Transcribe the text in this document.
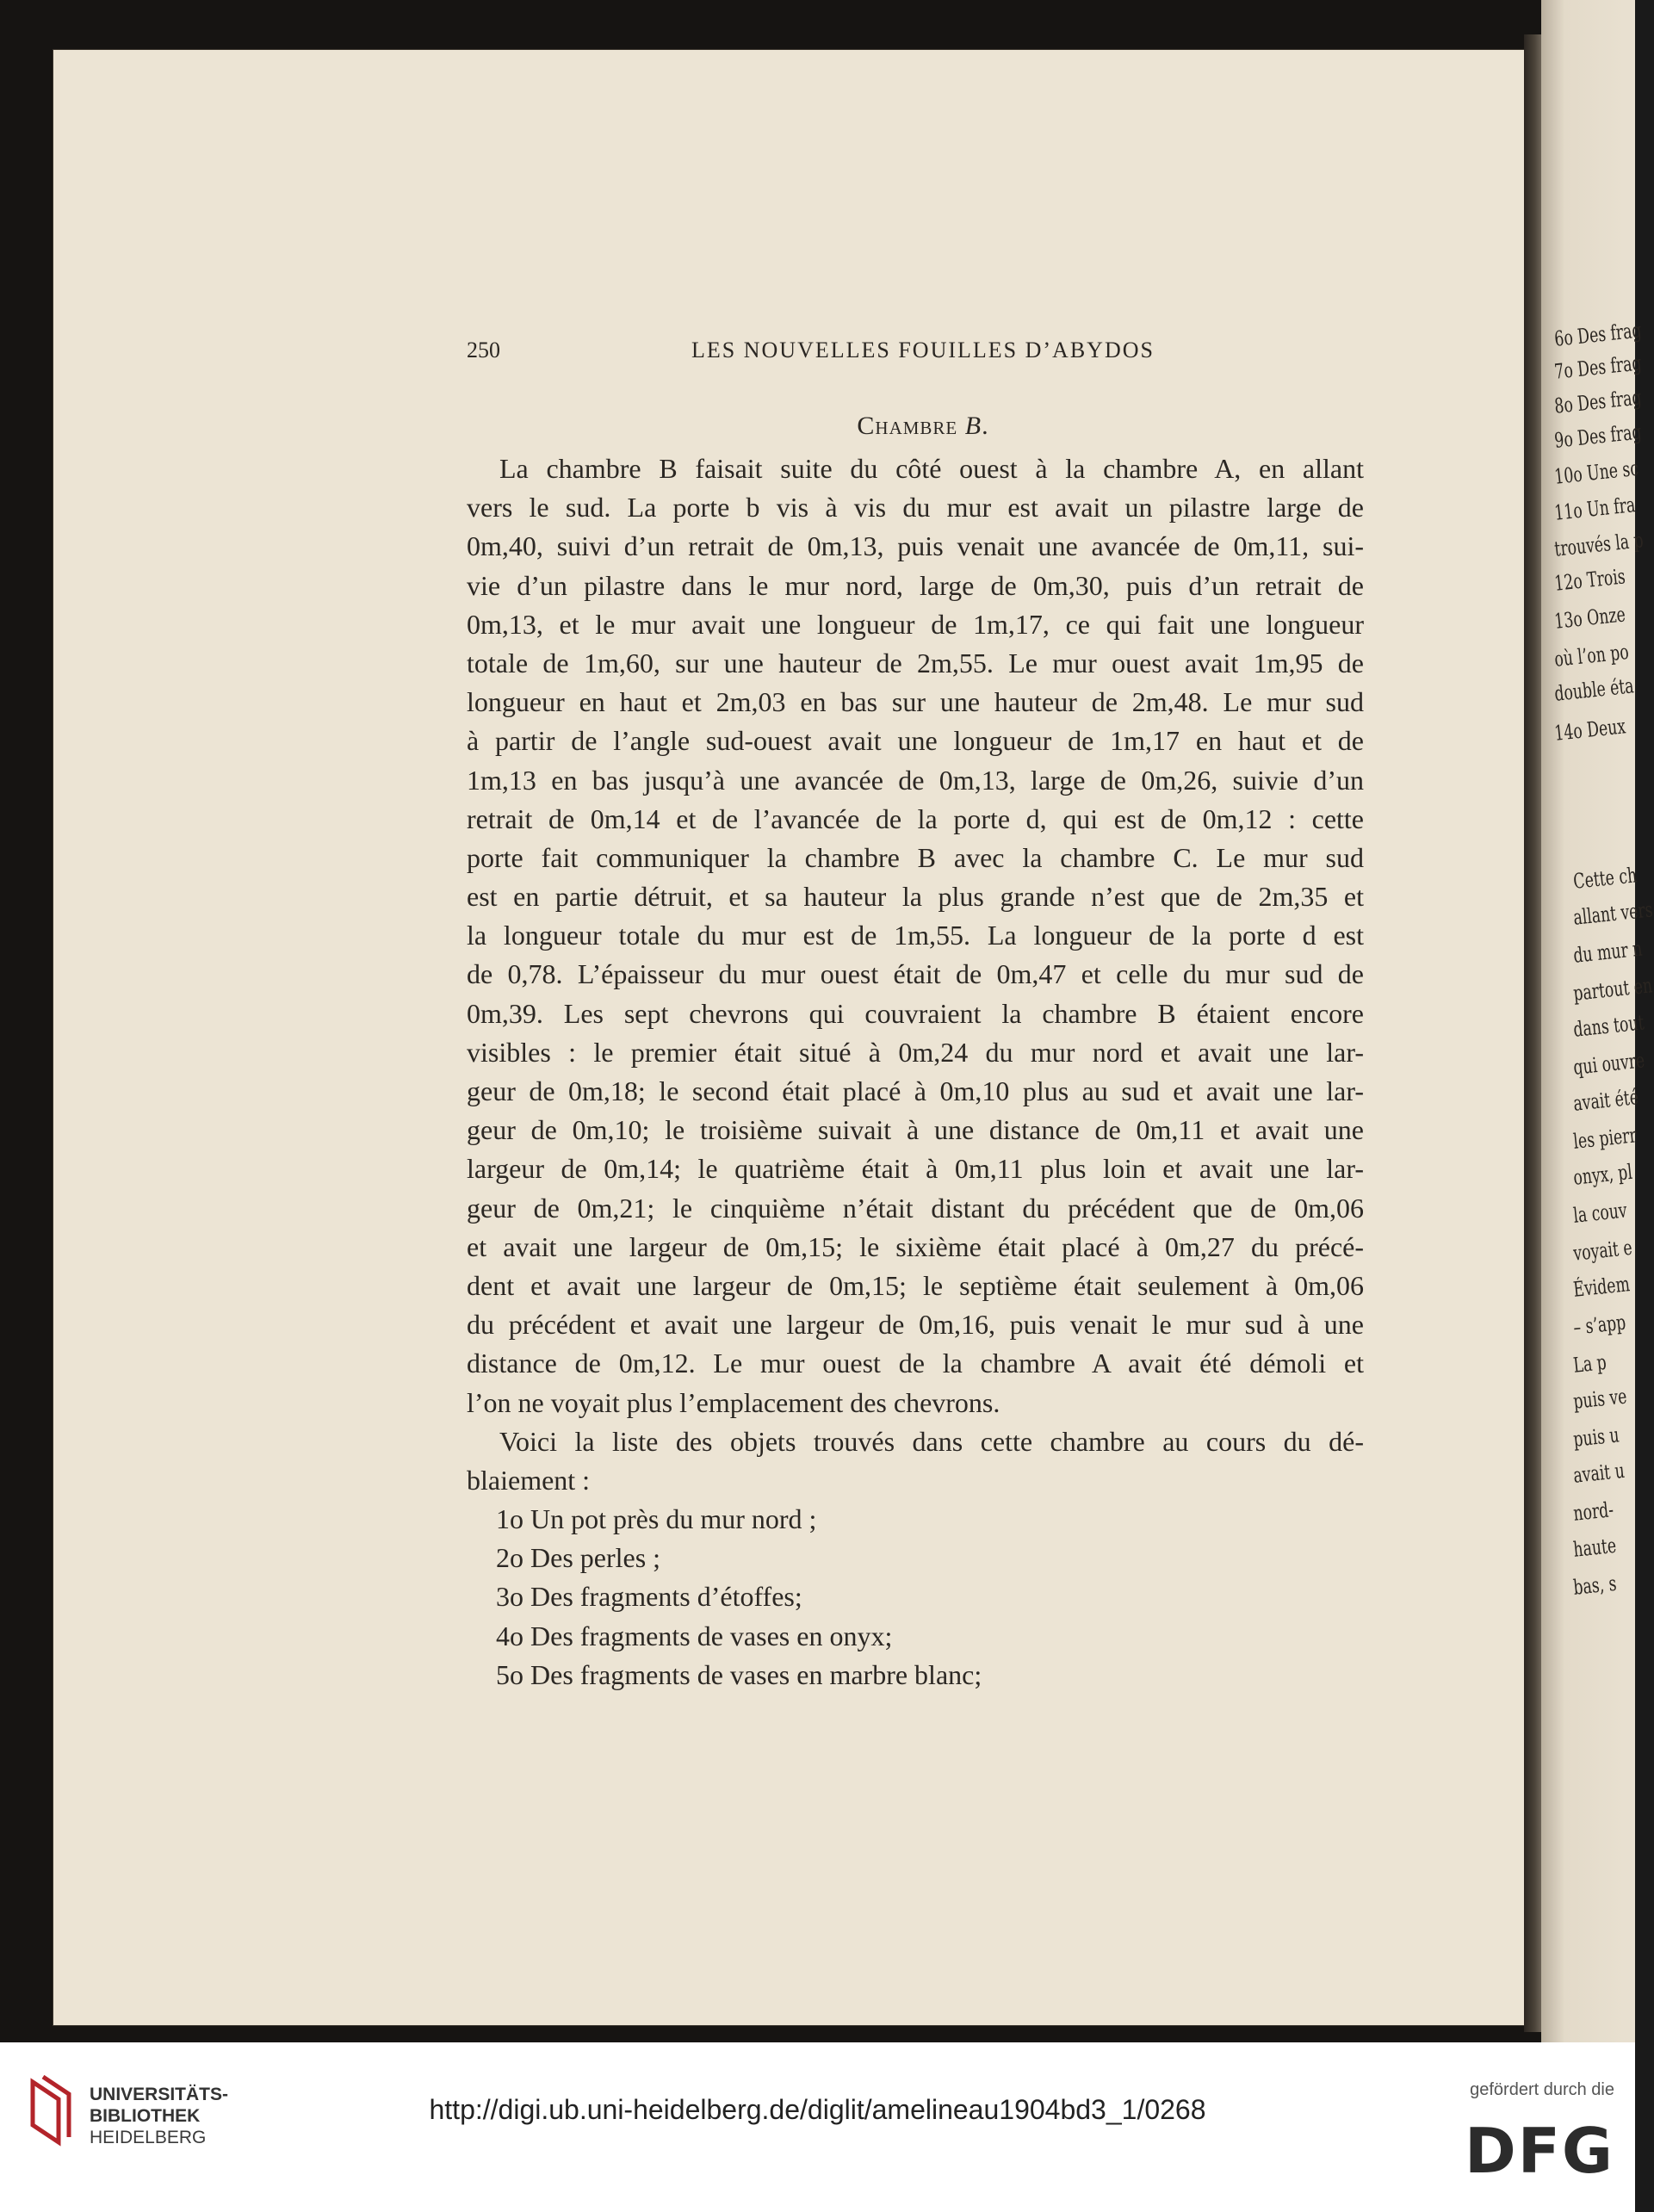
6o Des frag
7o Des frag
8o Des frag
9o Des frag
10o Une sc
11o Un fra
trouvés la p
12o Trois
13o Onze
où l’on po
double éta
14o Deux
Cette ch
allant vers
du mur n
partout en
dans tout
qui ouvre
avait été
les pierr
onyx, pl
la couv
voyait e
Évidem
– s’app
La p
puis ve
puis u
avait u
nord-
haute
bas, s
250	LES NOUVELLES FOUILLES D’ABYDOS
Chambre B.
La chambre B faisait suite du côté ouest à la chambre A, en allant
vers le sud. La porte b vis à vis du mur est avait un pilastre large de
0m,40, suivi d’un retrait de 0m,13, puis venait une avancée de 0m,11, sui-
vie d’un pilastre dans le mur nord, large de 0m,30, puis d’un retrait de
0m,13, et le mur avait une longueur de 1m,17, ce qui fait une longueur
totale de 1m,60, sur une hauteur de 2m,55. Le mur ouest avait 1m,95 de
longueur en haut et 2m,03 en bas sur une hauteur de 2m,48. Le mur sud
à partir de l’angle sud-ouest avait une longueur de 1m,17 en haut et de
1m,13 en bas jusqu’à une avancée de 0m,13, large de 0m,26, suivie d’un
retrait de 0m,14 et de l’avancée de la porte d, qui est de 0m,12 : cette
porte fait communiquer la chambre B avec la chambre C. Le mur sud
est en partie détruit, et sa hauteur la plus grande n’est que de 2m,35 et
la longueur totale du mur est de 1m,55. La longueur de la porte d est
de 0,78. L’épaisseur du mur ouest était de 0m,47 et celle du mur sud de
0m,39. Les sept chevrons qui couvraient la chambre B étaient encore
visibles : le premier était situé à 0m,24 du mur nord et avait une lar-
geur de 0m,18; le second était placé à 0m,10 plus au sud et avait une lar-
geur de 0m,10; le troisième suivait à une distance de 0m,11 et avait une
largeur de 0m,14; le quatrième était à 0m,11 plus loin et avait une lar-
geur de 0m,21; le cinquième n’était distant du précédent que de 0m,06
et avait une largeur de 0m,15; le sixième était placé à 0m,27 du précé-
dent et avait une largeur de 0m,15; le septième était seulement à 0m,06
du précédent et avait une largeur de 0m,16, puis venait le mur sud à une
distance de 0m,12. Le mur ouest de la chambre A avait été démoli et
l’on ne voyait plus l’emplacement des chevrons.
Voici la liste des objets trouvés dans cette chambre au cours du dé-
blaiement :
1o Un pot près du mur nord ;
2o Des perles ;
3o Des fragments d’étoffes;
4o Des fragments de vases en onyx;
5o Des fragments de vases en marbre blanc;
UNIVERSITÄTS-
BIBLIOTHEK
HEIDELBERG
http://digi.ub.uni-heidelberg.de/diglit/amelineau1904bd3_1/0268
gefördert durch die
DFG
